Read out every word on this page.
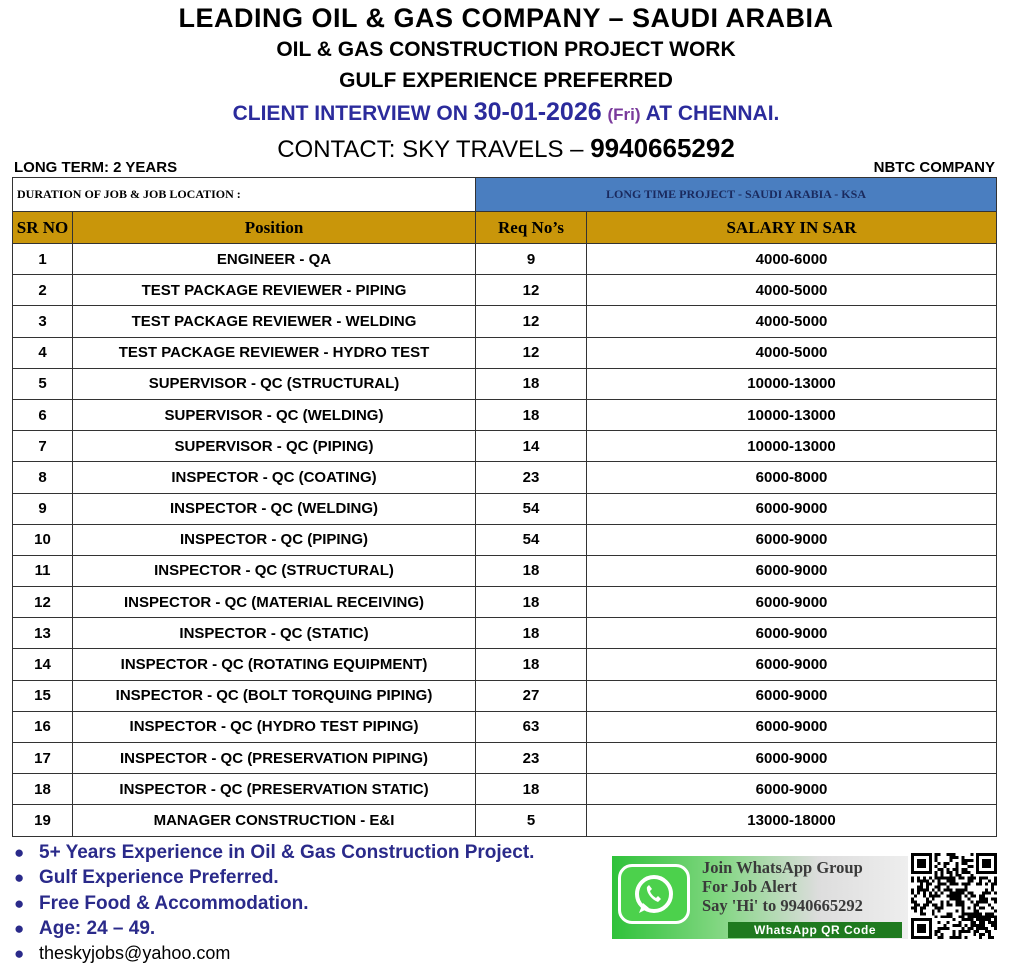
LEADING OIL & GAS COMPANY – SAUDI ARABIA
OIL & GAS CONSTRUCTION PROJECT WORK
GULF EXPERIENCE PREFERRED
CLIENT INTERVIEW ON 30-01-2026 (Fri) AT CHENNAI.
CONTACT: SKY TRAVELS – 9940665292
LONG TERM: 2 YEARS	NBTC COMPANY
DURATION OF JOB & JOB LOCATION :		LONG TIME PROJECT - SAUDI ARABIA - KSA	
SR NO	Position	Req No’s	SALARY IN SAR
1	ENGINEER - QA	9	4000-6000
2	TEST PACKAGE REVIEWER - PIPING	12	4000-5000
3	TEST PACKAGE REVIEWER - WELDING	12	4000-5000
4	TEST PACKAGE REVIEWER - HYDRO TEST	12	4000-5000
5	SUPERVISOR - QC (STRUCTURAL)	18	10000-13000
6	SUPERVISOR - QC (WELDING)	18	10000-13000
7	SUPERVISOR - QC (PIPING)	14	10000-13000
8	INSPECTOR - QC (COATING)	23	6000-8000
9	INSPECTOR - QC (WELDING)	54	6000-9000
10	INSPECTOR - QC (PIPING)	54	6000-9000
11	INSPECTOR - QC (STRUCTURAL)	18	6000-9000
12	INSPECTOR - QC (MATERIAL RECEIVING)	18	6000-9000
13	INSPECTOR - QC (STATIC)	18	6000-9000
14	INSPECTOR - QC (ROTATING EQUIPMENT)	18	6000-9000
15	INSPECTOR - QC (BOLT TORQUING PIPING)	27	6000-9000
16	INSPECTOR - QC (HYDRO TEST PIPING)	63	6000-9000
17	INSPECTOR - QC (PRESERVATION PIPING)	23	6000-9000
18	INSPECTOR - QC (PRESERVATION STATIC)	18	6000-9000
19	MANAGER CONSTRUCTION - E&I	5	13000-18000
● 5+ Years Experience in Oil & Gas Construction Project.
● Gulf Experience Preferred.
● Free Food & Accommodation.
● Age: 24 – 49.
● theskyjobs@yahoo.com
Join WhatsApp Group
For Job Alert
Say 'Hi' to 9940665292
WhatsApp QR Code
